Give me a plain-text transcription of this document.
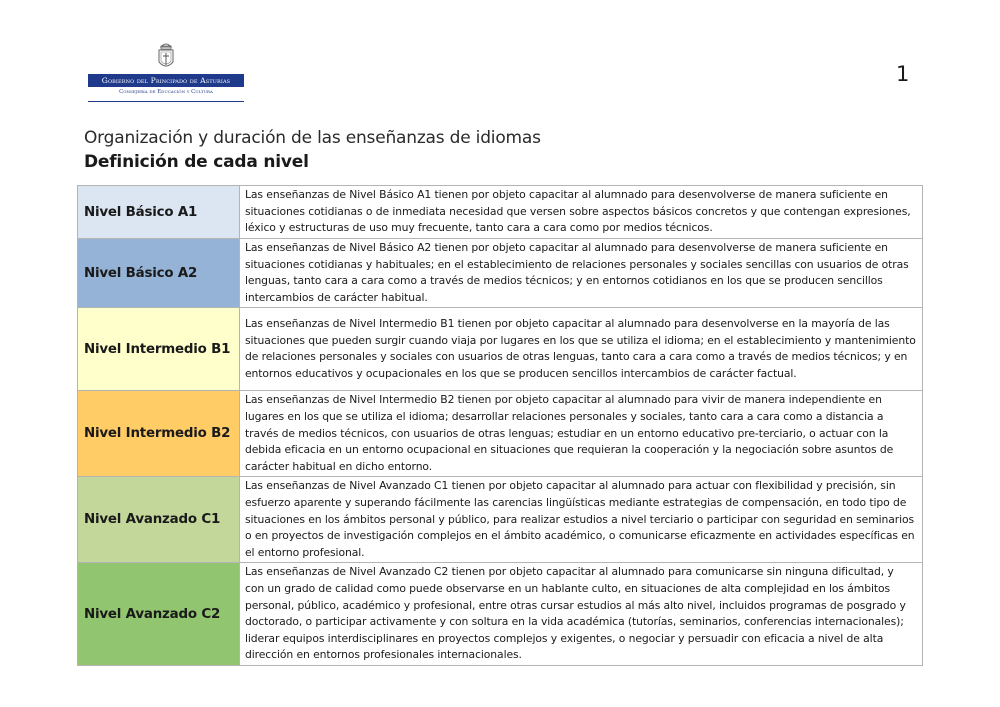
Gobierno del Principado de Asturias
Consejería de Educación y Cultura
1
Organización y duración de las enseñanzas de idiomas
Definición de cada nivel
Nivel Básico A1	Las enseñanzas de Nivel Básico A1 tienen por objeto capacitar al alumnado para desenvolverse de manera suficiente en situaciones cotidianas o de inmediata necesidad que versen sobre aspectos básicos concretos y que contengan expresiones, léxico y estructuras de uso muy frecuente, tanto cara a cara como por medios técnicos.
Nivel Básico A2	Las enseñanzas de Nivel Básico A2 tienen por objeto capacitar al alumnado para desenvolverse de manera suficiente en situaciones cotidianas y habituales; en el establecimiento de relaciones personales y sociales sencillas con usuarios de otras lenguas, tanto cara a cara como a través de medios técnicos; y en entornos cotidianos en los que se producen sencillos intercambios de carácter habitual.
Nivel Intermedio B1	Las enseñanzas de Nivel Intermedio B1 tienen por objeto capacitar al alumnado para desenvolverse en la mayoría de las situaciones que pueden surgir cuando viaja por lugares en los que se utiliza el idioma; en el establecimiento y mantenimiento de relaciones personales y sociales con usuarios de otras lenguas, tanto cara a cara como a través de medios técnicos; y en entornos educativos y ocupacionales en los que se producen sencillos intercambios de carácter factual.
Nivel Intermedio B2	Las enseñanzas de Nivel Intermedio B2 tienen por objeto capacitar al alumnado para vivir de manera independiente en lugares en los que se utiliza el idioma; desarrollar relaciones personales y sociales, tanto cara a cara como a distancia a través de medios técnicos, con usuarios de otras lenguas; estudiar en un entorno educativo pre-terciario, o actuar con la debida eficacia en un entorno ocupacional en situaciones que requieran la cooperación y la negociación sobre asuntos de carácter habitual en dicho entorno.
Nivel Avanzado C1	Las enseñanzas de Nivel Avanzado C1 tienen por objeto capacitar al alumnado para actuar con flexibilidad y precisión, sin esfuerzo aparente y superando fácilmente las carencias lingüísticas mediante estrategias de compensación, en todo tipo de situaciones en los ámbitos personal y público, para realizar estudios a nivel terciario o participar con seguridad en seminarios o en proyectos de investigación complejos en el ámbito académico, o comunicarse eficazmente en actividades específicas en el entorno profesional.
Nivel Avanzado C2	Las enseñanzas de Nivel Avanzado C2 tienen por objeto capacitar al alumnado para comunicarse sin ninguna dificultad, y con un grado de calidad como puede observarse en un hablante culto, en situaciones de alta complejidad en los ámbitos personal, público, académico y profesional, entre otras cursar estudios al más alto nivel, incluidos programas de posgrado y doctorado, o participar activamente y con soltura en la vida académica (tutorías, seminarios, conferencias internacionales); liderar equipos interdisciplinares en proyectos complejos y exigentes, o negociar y persuadir con eficacia a nivel de alta dirección en entornos profesionales internacionales.
